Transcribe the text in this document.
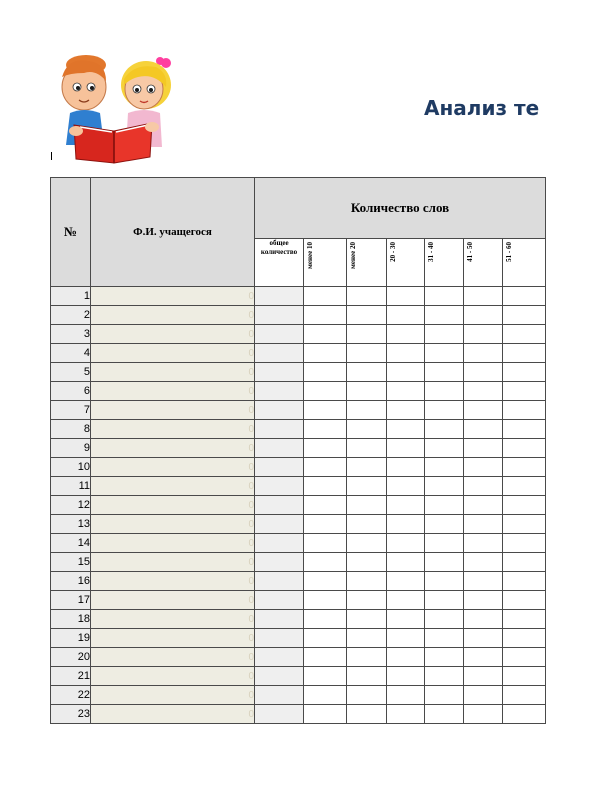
Анализ те
№	Ф.И. учащегося	Количество слов						
		общее количество	менее 10	менее 20	20 - 30	31 - 40	41 - 50	51 - 60
1	0							
2	0							
3	0							
4	0							
5	0							
6	0							
7	0							
8	0							
9	0							
10	0							
11	0							
12	0							
13	0							
14	0							
15	0							
16	0							
17	0							
18	0							
19	0							
20	0							
21	0							
22	0							
23	0							
